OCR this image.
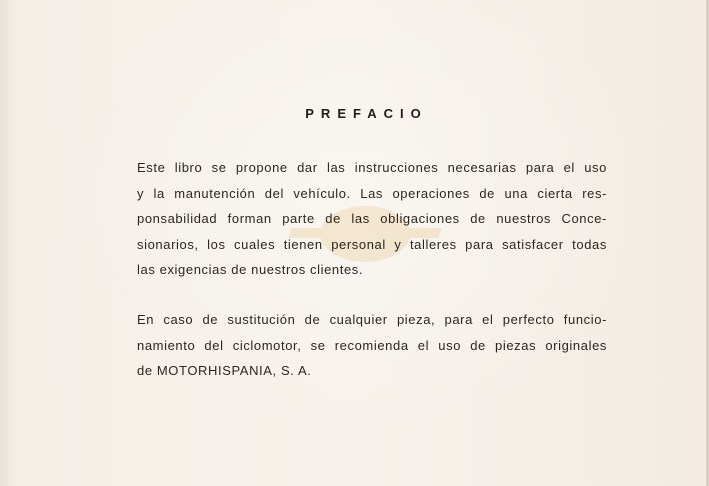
PREFACIO

Este libro se propone dar las instrucciones necesarias para el uso
y la manutención del vehículo. Las operaciones de una cierta res-
ponsabilidad forman parte de las obligaciones de nuestros Conce-
sionarios, los cuales tienen personal y talleres para satisfacer todas
las exigencias de nuestros clientes.

En caso de sustitución de cualquier pieza, para el perfecto funcio-
namiento del ciclomotor, se recomienda el uso de piezas originales
de MOTORHISPANIA, S. A.
